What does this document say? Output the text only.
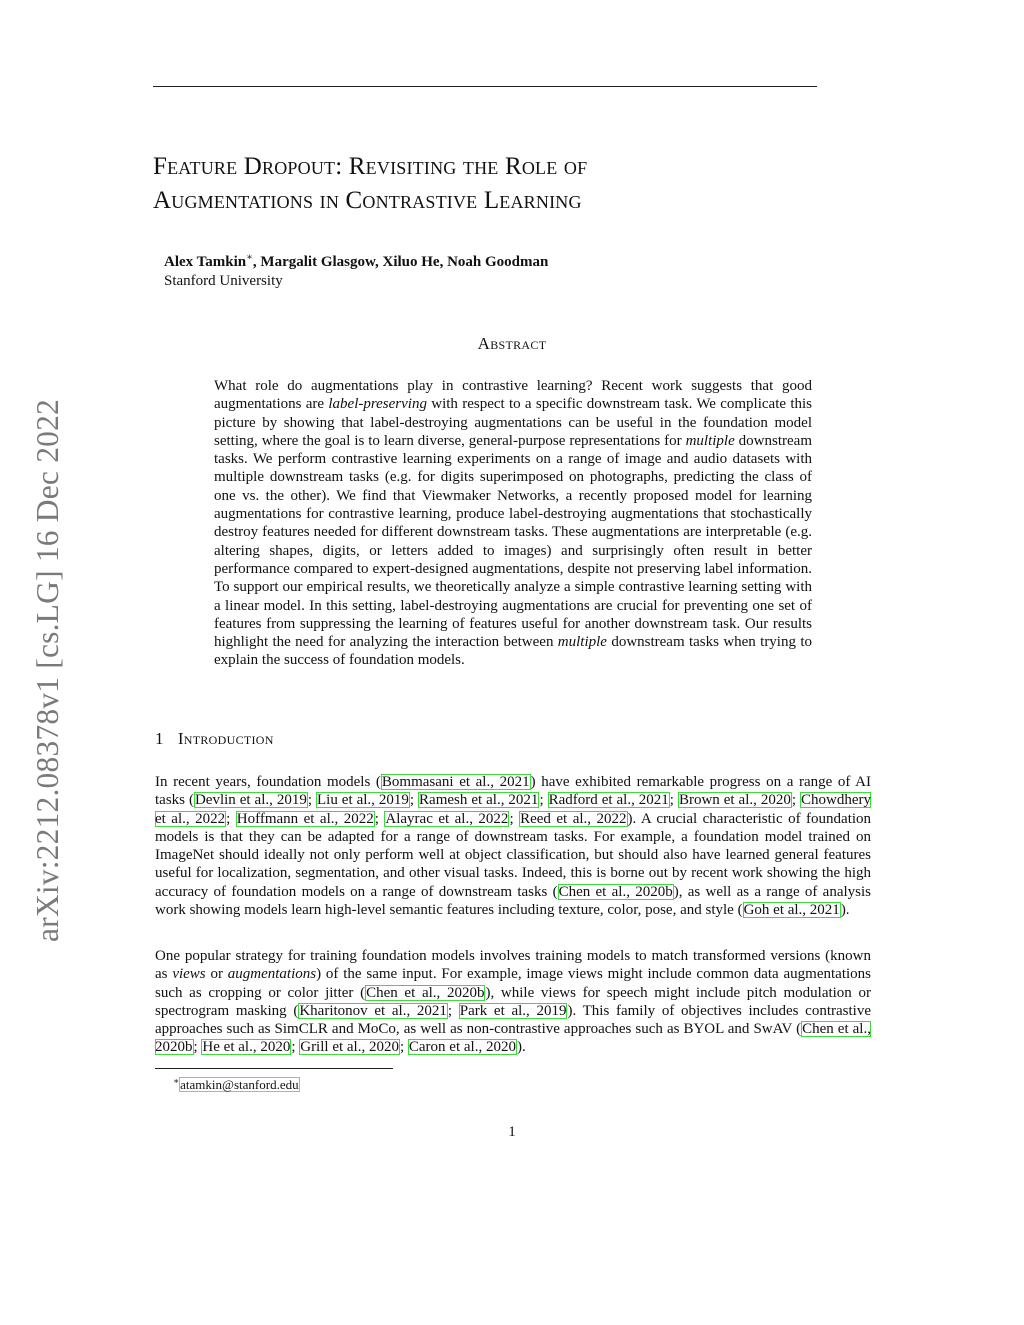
Feature Dropout: Revisiting the Role of
Augmentations in Contrastive Learning
Alex Tamkin∗, Margalit Glasgow, Xiluo He, Noah Goodman
Stanford University
arXiv:2212.08378v1 [cs.LG] 16 Dec 2022
Abstract

What role do augmentations play in contrastive learning? Recent work suggests that good augmentations are label-preserving with respect to a specific downstream task. We complicate this picture by showing that label-destroying augmentations can be useful in the foundation model setting, where the goal is to learn diverse, general-purpose representations for multiple downstream tasks. We perform contrastive learning experiments on a range of image and audio datasets with multiple downstream tasks (e.g. for digits superimposed on photographs, predicting the class of one vs. the other). We find that Viewmaker Networks, a recently proposed model for learning augmentations for contrastive learning, produce label-destroying augmentations that stochastically destroy features needed for different downstream tasks. These augmentations are interpretable (e.g. altering shapes, digits, or letters added to images) and surprisingly often result in better performance compared to expert-designed augmentations, despite not preserving label information. To support our empirical results, we theoretically analyze a simple contrastive learning setting with a linear model. In this setting, label-destroying augmentations are crucial for preventing one set of features from suppressing the learning of features useful for another downstream task. Our results highlight the need for analyzing the interaction between multiple downstream tasks when trying to explain the success of foundation models.

1 Introduction

In recent years, foundation models (Bommasani et al., 2021) have exhibited remarkable progress on a range of AI tasks (Devlin et al., 2019; Liu et al., 2019; Ramesh et al., 2021; Radford et al., 2021; Brown et al., 2020; Chowdhery et al., 2022; Hoffmann et al., 2022; Alayrac et al., 2022; Reed et al., 2022). A crucial characteristic of foundation models is that they can be adapted for a range of downstream tasks. For example, a foundation model trained on ImageNet should ideally not only perform well at object classification, but should also have learned general features useful for localization, segmentation, and other visual tasks. Indeed, this is borne out by recent work showing the high accuracy of foundation models on a range of downstream tasks (Chen et al., 2020b), as well as a range of analysis work showing models learn high-level semantic features including texture, color, pose, and style (Goh et al., 2021).

One popular strategy for training foundation models involves training models to match transformed versions (known as views or augmentations) of the same input. For example, image views might include common data augmentations such as cropping or color jitter (Chen et al., 2020b), while views for speech might include pitch modulation or spectrogram masking (Kharitonov et al., 2021; Park et al., 2019). This family of objectives includes contrastive approaches such as SimCLR and MoCo, as well as non-contrastive approaches such as BYOL and SwAV (Chen et al., 2020b; He et al., 2020; Grill et al., 2020; Caron et al., 2020).

∗atamkin@stanford.edu
1
